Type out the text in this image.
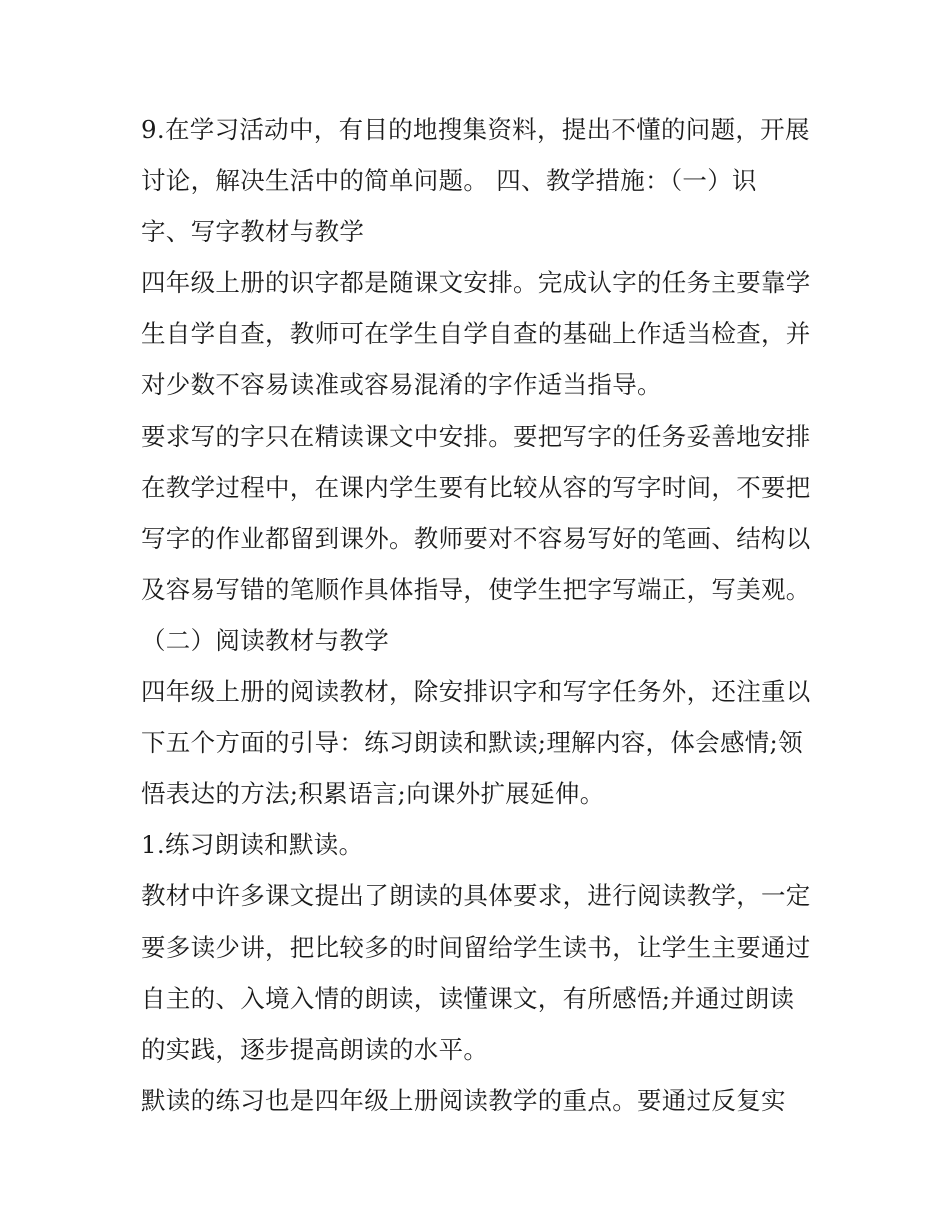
9.在学习活动中，有目的地搜集资料，提出不懂的问题，开展
讨论，解决生活中的简单问题。 四、教学措施：（一）识
字、写字教材与教学
四年级上册的识字都是随课文安排。完成认字的任务主要靠学
生自学自查，教师可在学生自学自查的基础上作适当检查，并
对少数不容易读准或容易混淆的字作适当指导。
要求写的字只在精读课文中安排。要把写字的任务妥善地安排
在教学过程中，在课内学生要有比较从容的写字时间，不要把
写字的作业都留到课外。教师要对不容易写好的笔画、结构以
及容易写错的笔顺作具体指导，使学生把字写端正，写美观。
（二）阅读教材与教学
四年级上册的阅读教材，除安排识字和写字任务外，还注重以
下五个方面的引导：练习朗读和默读;理解内容，体会感情;领
悟表达的方法;积累语言;向课外扩展延伸。
1.练习朗读和默读。
教材中许多课文提出了朗读的具体要求，进行阅读教学，一定
要多读少讲，把比较多的时间留给学生读书，让学生主要通过
自主的、入境入情的朗读，读懂课文，有所感悟;并通过朗读
的实践，逐步提高朗读的水平。
默读的练习也是四年级上册阅读教学的重点。要通过反复实
